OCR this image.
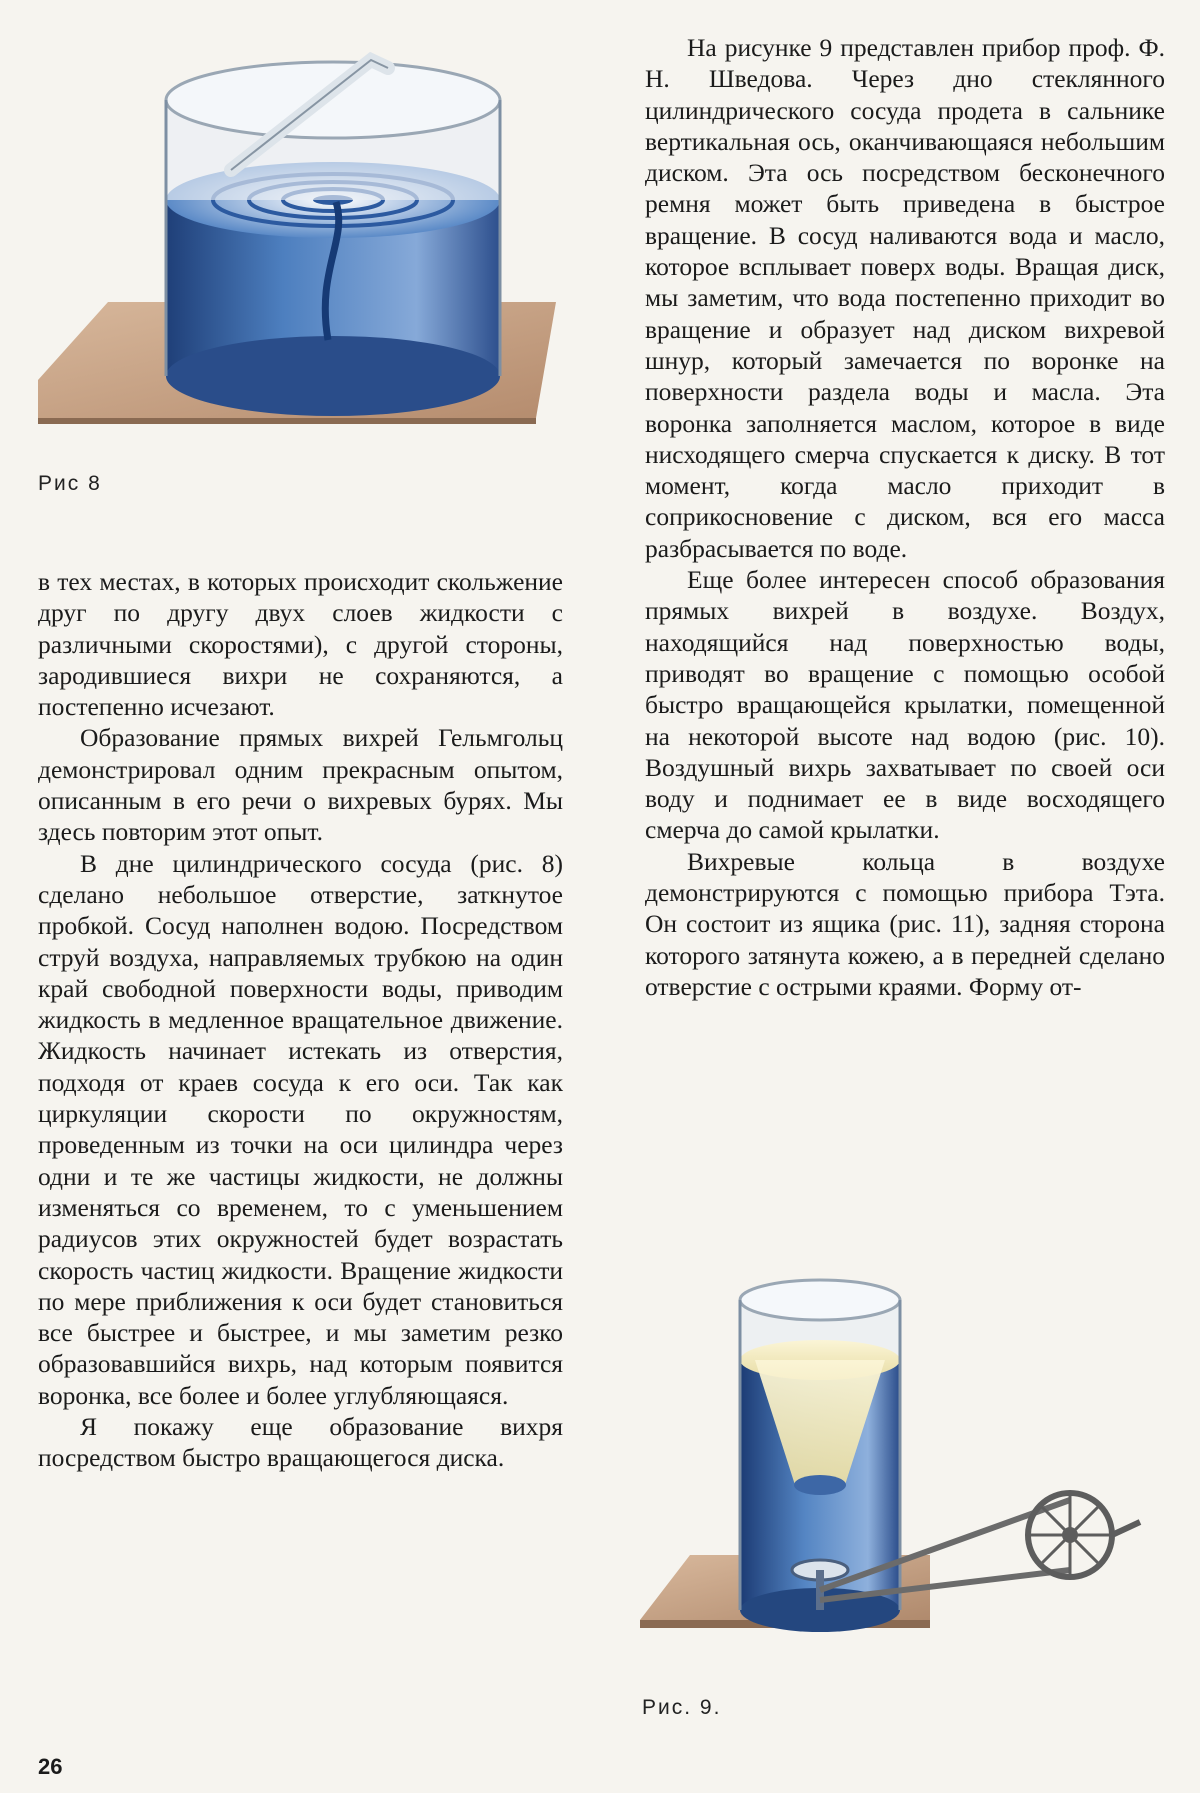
Рис 8

в тех местах, в которых происходит скольжение друг по другу двух слоев жидкости с различными скоростями), с другой стороны, зародившиеся вихри не сохраняются, а постепенно исчезают.

Образование прямых вихрей Гельмгольц демонстрировал одним прекрасным опытом, описанным в его речи о вихревых бурях. Мы здесь повторим этот опыт.

В дне цилиндрического сосуда (рис. 8) сделано небольшое отверстие, заткнутое пробкой. Сосуд наполнен водою. Посредством струй воздуха, направляемых трубкою на один край свободной поверхности воды, приводим жидкость в медленное вращательное движение. Жидкость начинает истекать из отверстия, подходя от краев сосуда к его оси. Так как циркуляции скорости по окружностям, проведенным из точки на оси цилиндра через одни и те же частицы жидкости, не должны изменяться со временем, то с уменьшением радиусов этих окружностей будет возрастать скорость частиц жидкости. Вращение жидкости по мере приближения к оси будет становиться все быстрее и быстрее, и мы заметим резко образовавшийся вихрь, над которым появится воронка, все более и более углубляющаяся.

Я покажу еще образование вихря посредством быстро вращающегося диска.

На рисунке 9 представлен прибор проф. Ф. Н. Шведова. Через дно стеклянного цилиндрического сосуда продета в сальнике вертикальная ось, оканчивающаяся небольшим диском. Эта ось посредством бесконечного ремня может быть приведена в быстрое вращение. В сосуд наливаются вода и масло, которое всплывает поверх воды. Вращая диск, мы заметим, что вода постепенно приходит во вращение и образует над диском вихревой шнур, который замечается по воронке на поверхности раздела воды и масла. Эта воронка заполняется маслом, которое в виде нисходящего смерча спускается к диску. В тот момент, когда масло приходит в соприкосновение с диском, вся его масса разбрасывается по воде.

Еще более интересен способ образования прямых вихрей в воздухе. Воздух, находящийся над поверхностью воды, приводят во вращение с помощью особой быстро вращающейся крылатки, помещенной на некоторой высоте над водою (рис. 10). Воздушный вихрь захватывает по своей оси воду и поднимает ее в виде восходящего смерча до самой крылатки.

Вихревые кольца в воздухе демонстрируются с помощью прибора Тэта. Он состоит из ящика (рис. 11), задняя сторона которого затянута кожею, а в передней сделано отверстие с острыми краями. Форму от-

Рис. 9.
26
